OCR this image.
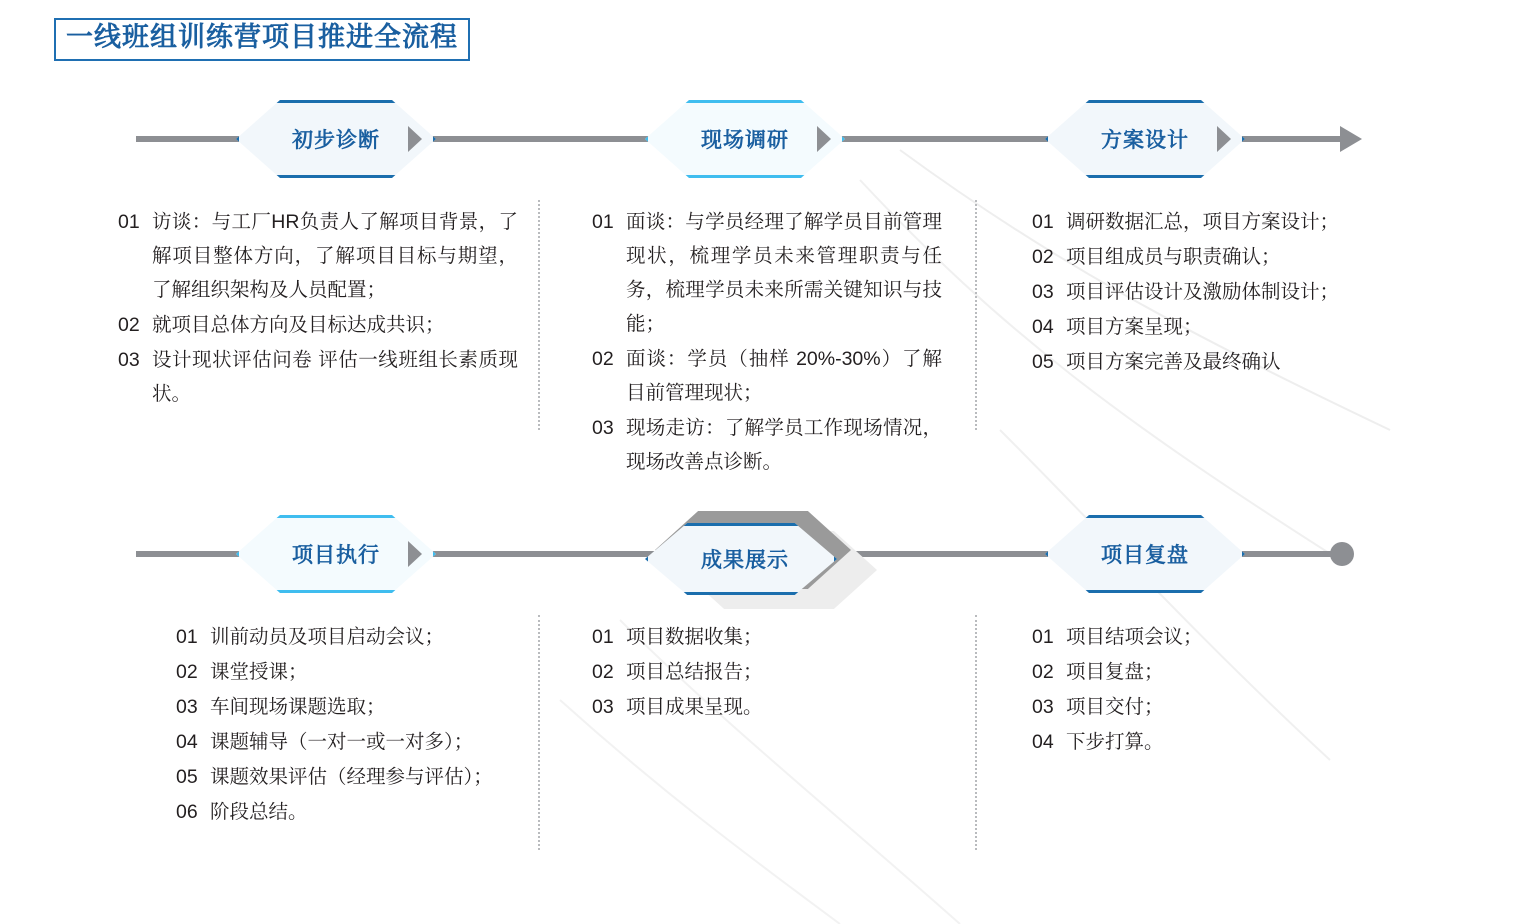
一线班组训练营项目推进全流程
初步诊断	现场调研	方案设计
01 访谈：与工厂HR负责人了解项目背景，了解项目整体方向，了解项目目标与期望，了解组织架构及人员配置；
02 就项目总体方向及目标达成共识；
03 设计现状评估问卷 评估一线班组长素质现状。
01 面谈：与学员经理了解学员目前管理现状，梳理学员未来管理职责与任务，梳理学员未来所需关键知识与技能；
02 面谈：学员（抽样 20%-30%）了解目前管理现状；
03 现场走访：了解学员工作现场情况，现场改善点诊断。
01 调研数据汇总，项目方案设计；
02 项目组成员与职责确认；
03 项目评估设计及激励体制设计；
04 项目方案呈现；
05 项目方案完善及最终确认
项目执行	成果展示	项目复盘
01 训前动员及项目启动会议；
02 课堂授课；
03 车间现场课题选取；
04 课题辅导（一对一或一对多）；
05 课题效果评估（经理参与评估）；
06 阶段总结。
01 项目数据收集；
02 项目总结报告；
03 项目成果呈现。
01 项目结项会议；
02 项目复盘；
03 项目交付；
04 下步打算。
